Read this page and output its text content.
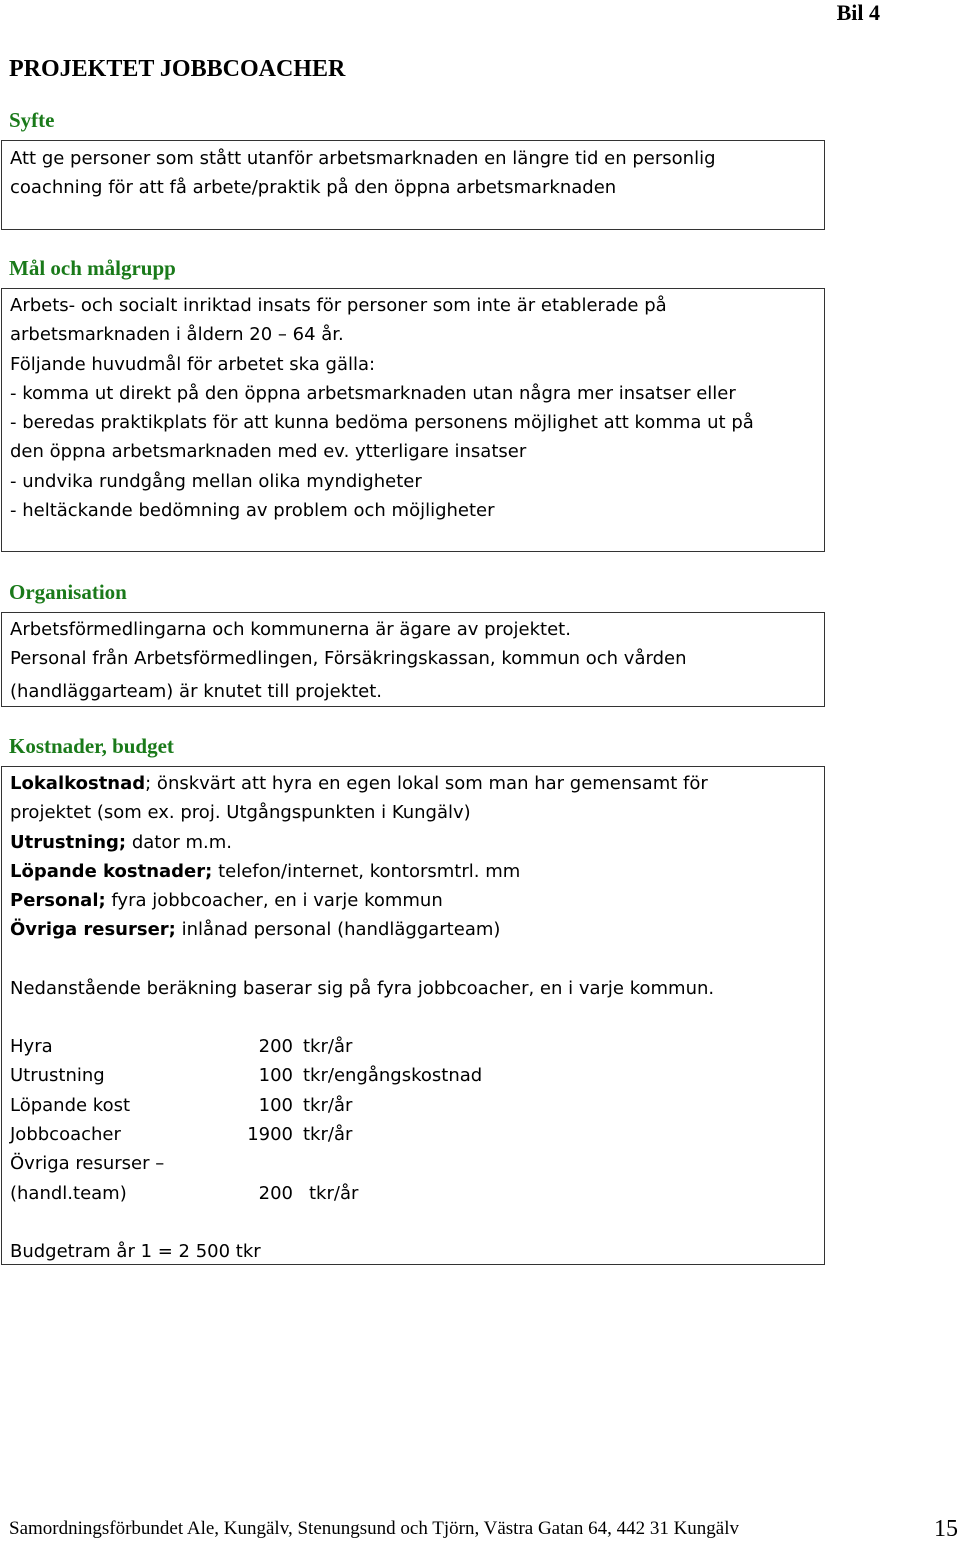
Bil 4
PROJEKTET JOBBCOACHER
Syfte

Att ge personer som stått utanför arbetsmarknaden en längre tid en personlig

coachning för att få arbete/praktik på den öppna arbetsmarknaden

Mål och målgrupp

Arbets- och socialt inriktad insats för personer som inte är etablerade på

arbetsmarknaden i åldern 20 – 64 år.

Följande huvudmål för arbetet ska gälla:

- komma ut direkt på den öppna arbetsmarknaden utan några mer insatser eller

- beredas praktikplats för att kunna bedöma personens möjlighet att komma ut på

den öppna arbetsmarknaden med ev. ytterligare insatser

- undvika rundgång mellan olika myndigheter

- heltäckande bedömning av problem och möjligheter

Organisation

Arbetsförmedlingarna och kommunerna är ägare av projektet.

Personal från Arbetsförmedlingen, Försäkringskassan, kommun och vården

(handläggarteam) är knutet till projektet.

Kostnader, budget

Lokalkostnad; önskvärt att hyra en egen lokal som man har gemensamt för

projektet (som ex. proj. Utgångspunkten i Kungälv)

Utrustning; dator m.m.

Löpande kostnader; telefon/internet, kontorsmtrl. mm

Personal; fyra jobbcoacher, en i varje kommun

Övriga resurser; inlånad personal (handläggarteam)

Nedanstående beräkning baserar sig på fyra jobbcoacher, en i varje kommun.

Hyra	200 tkr/år
Utrustning	100 tkr/engångskostnad
Löpande kost	100 tkr/år
Jobbcoacher	1900 tkr/år
Övriga resurser –
(handl.team)	200 tkr/år

Budgetram år 1 = 2 500 tkr

Samordningsförbundet Ale, Kungälv, Stenungsund och Tjörn, Västra Gatan 64, 442 31 Kungälv	15
